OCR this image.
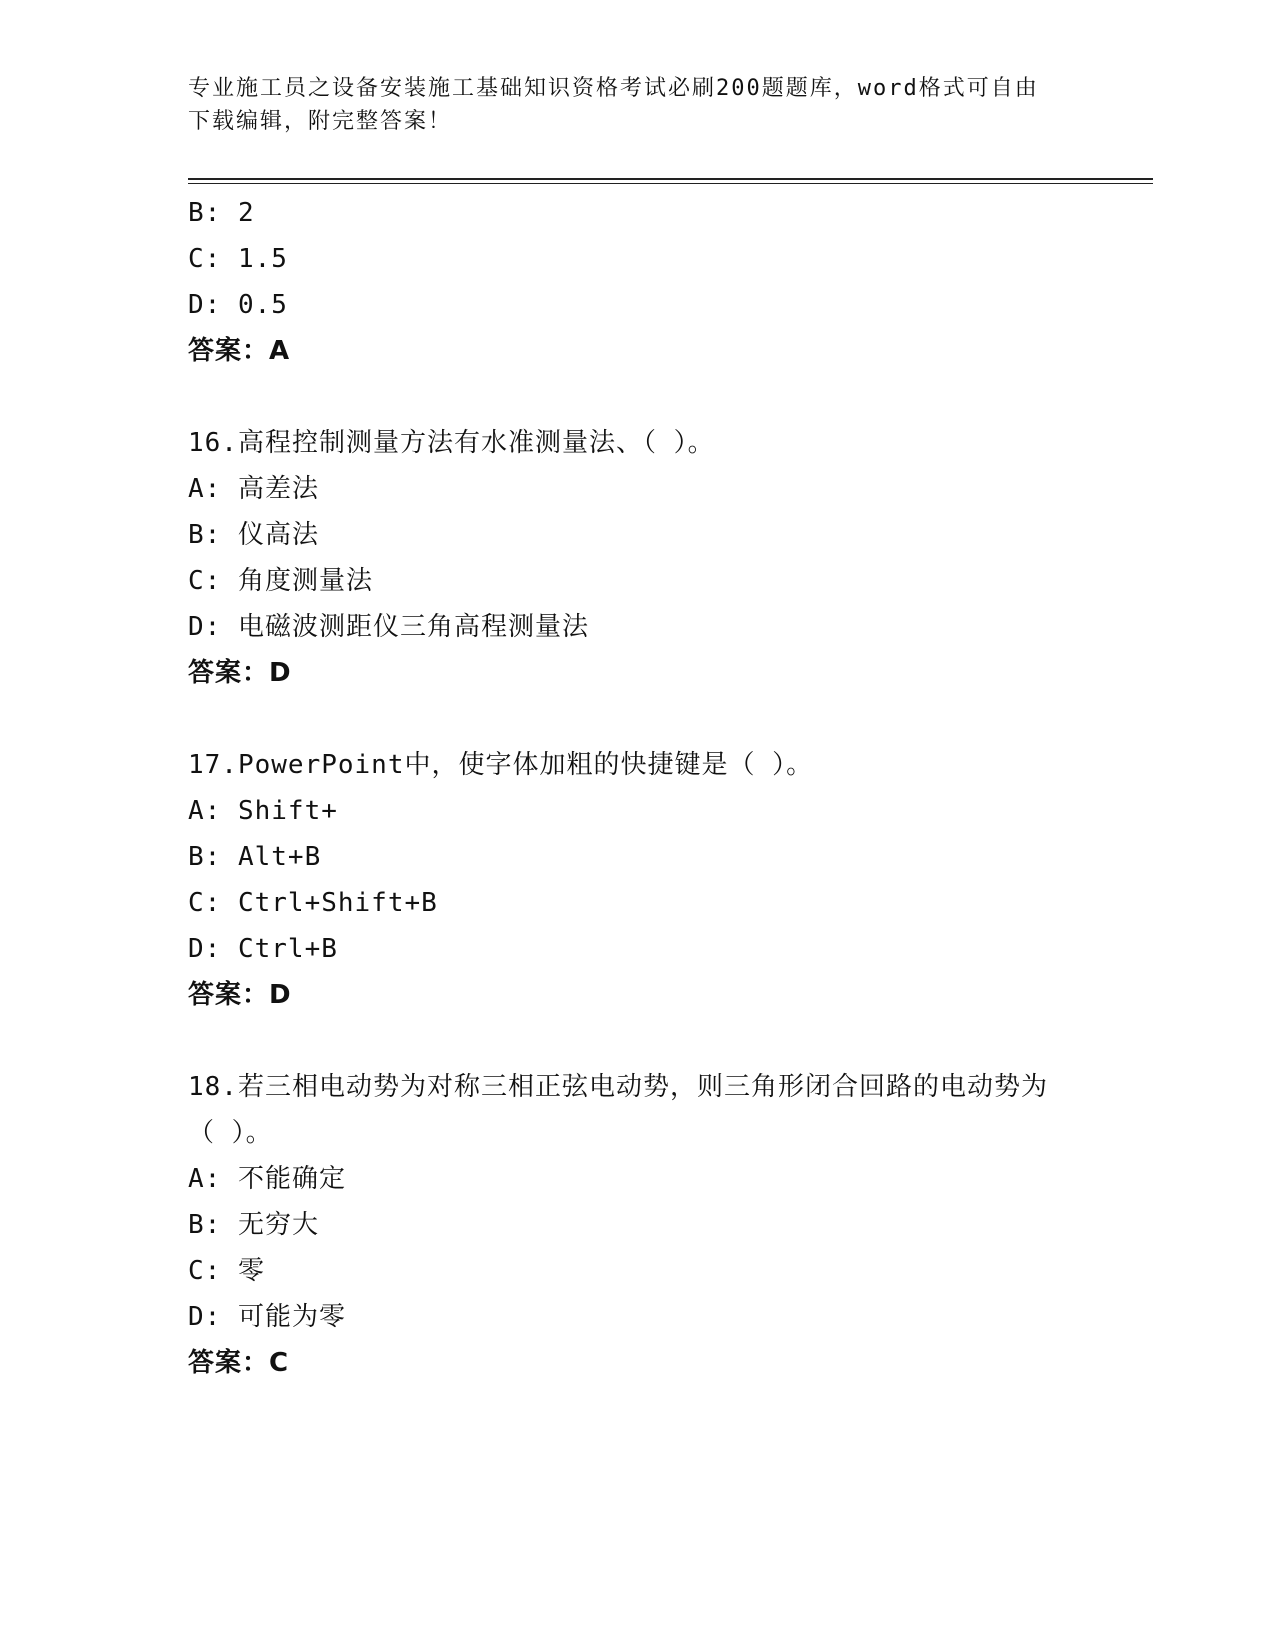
专业施工员之设备安装施工基础知识资格考试必刷200题题库，word格式可自由
下载编辑，附完整答案！
B: 2
C: 1.5
D: 0.5
答案：A
16.高程控制测量方法有水准测量法、（ ）。
A: 高差法
B: 仪高法
C: 角度测量法
D: 电磁波测距仪三角高程测量法
答案：D
17.PowerPoint中，使字体加粗的快捷键是（ ）。
A: Shift+
B: Alt+B
C: Ctrl+Shift+B
D: Ctrl+B
答案：D
18.若三相电动势为对称三相正弦电动势，则三角形闭合回路的电动势为（ ）。
A: 不能确定
B: 无穷大
C: 零
D: 可能为零
答案：C
